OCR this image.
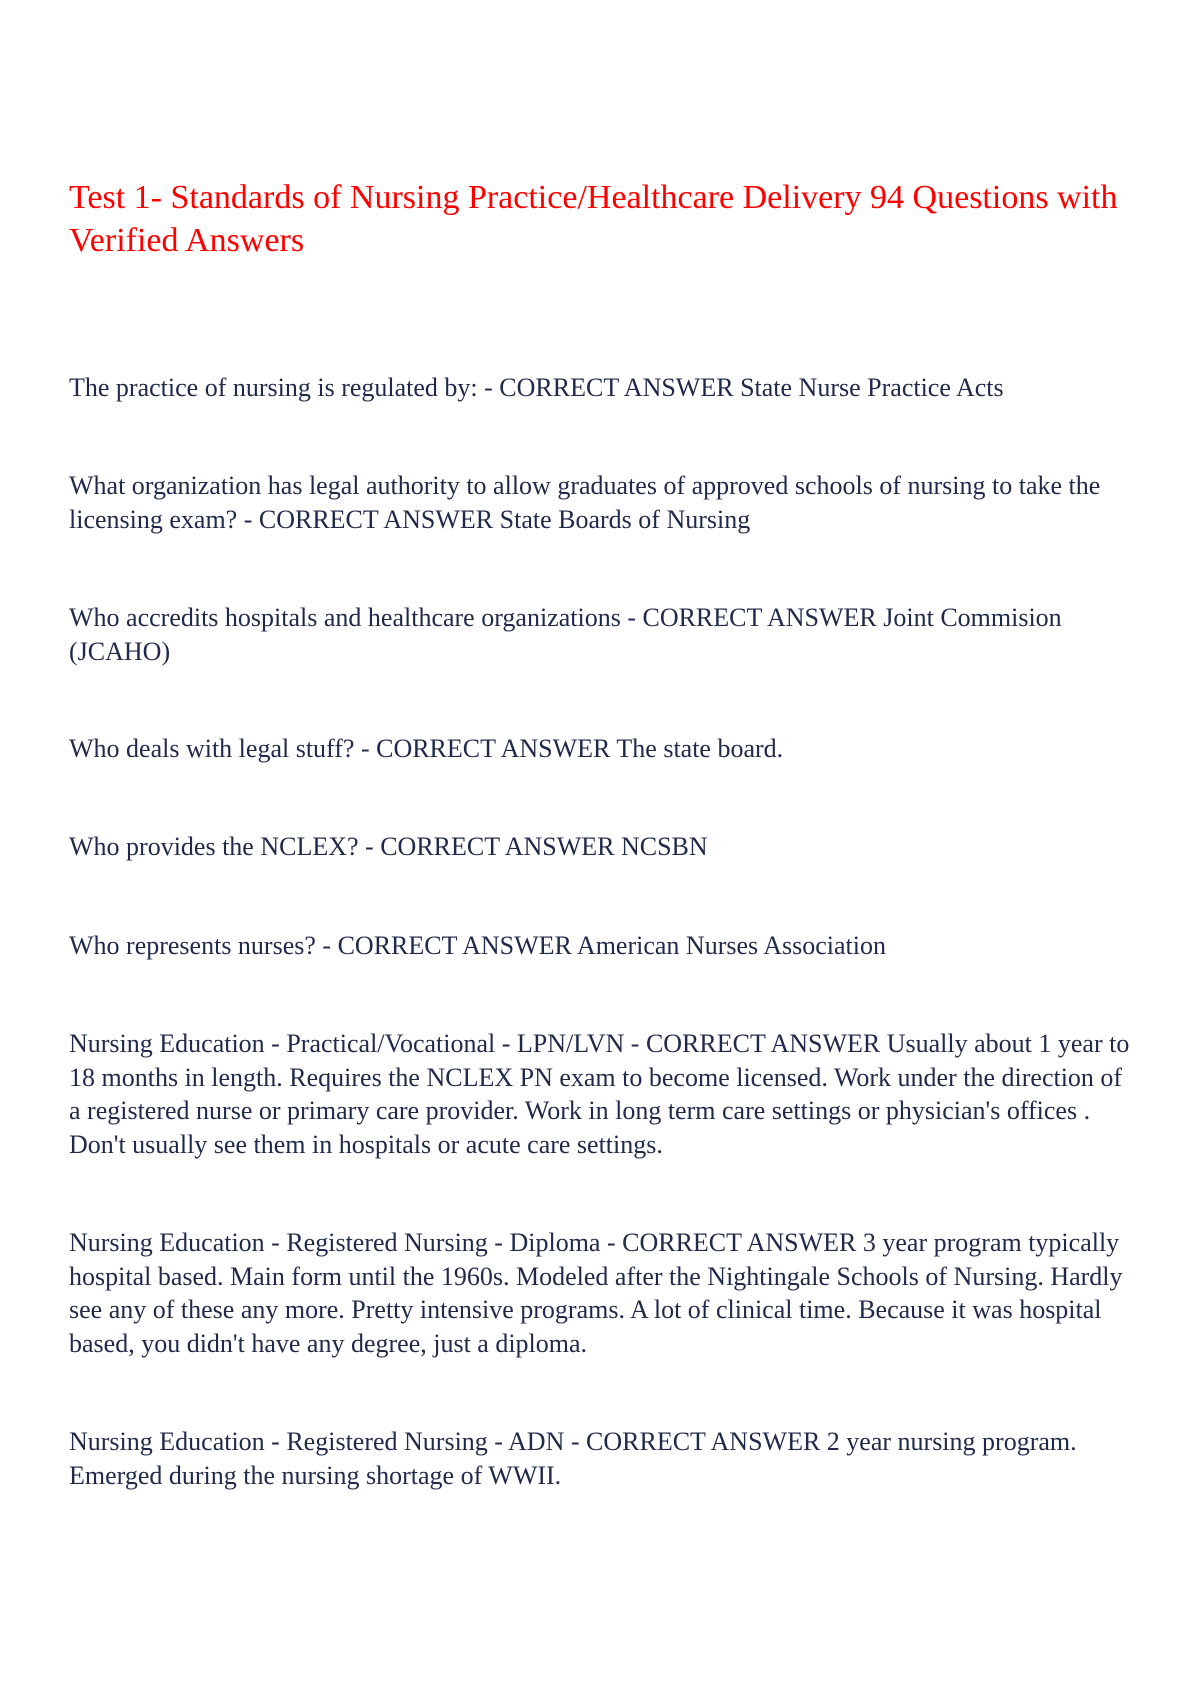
Test 1- Standards of Nursing Practice/Healthcare Delivery 94 Questions with Verified Answers

The practice of nursing is regulated by: - CORRECT ANSWER State Nurse Practice Acts

What organization has legal authority to allow graduates of approved schools of nursing to take the licensing exam? - CORRECT ANSWER State Boards of Nursing

Who accredits hospitals and healthcare organizations - CORRECT ANSWER Joint Commision (JCAHO)

Who deals with legal stuff? - CORRECT ANSWER The state board.

Who provides the NCLEX? - CORRECT ANSWER NCSBN

Who represents nurses? - CORRECT ANSWER American Nurses Association

Nursing Education - Practical/Vocational - LPN/LVN - CORRECT ANSWER Usually about 1 year to 18 months in length. Requires the NCLEX PN exam to become licensed. Work under the direction of a registered nurse or primary care provider. Work in long term care settings or physician's offices . Don't usually see them in hospitals or acute care settings.

Nursing Education - Registered Nursing - Diploma - CORRECT ANSWER 3 year program typically hospital based. Main form until the 1960s. Modeled after the Nightingale Schools of Nursing. Hardly see any of these any more. Pretty intensive programs. A lot of clinical time. Because it was hospital based, you didn't have any degree, just a diploma.

Nursing Education - Registered Nursing - ADN - CORRECT ANSWER 2 year nursing program. Emerged during the nursing shortage of WWII.
